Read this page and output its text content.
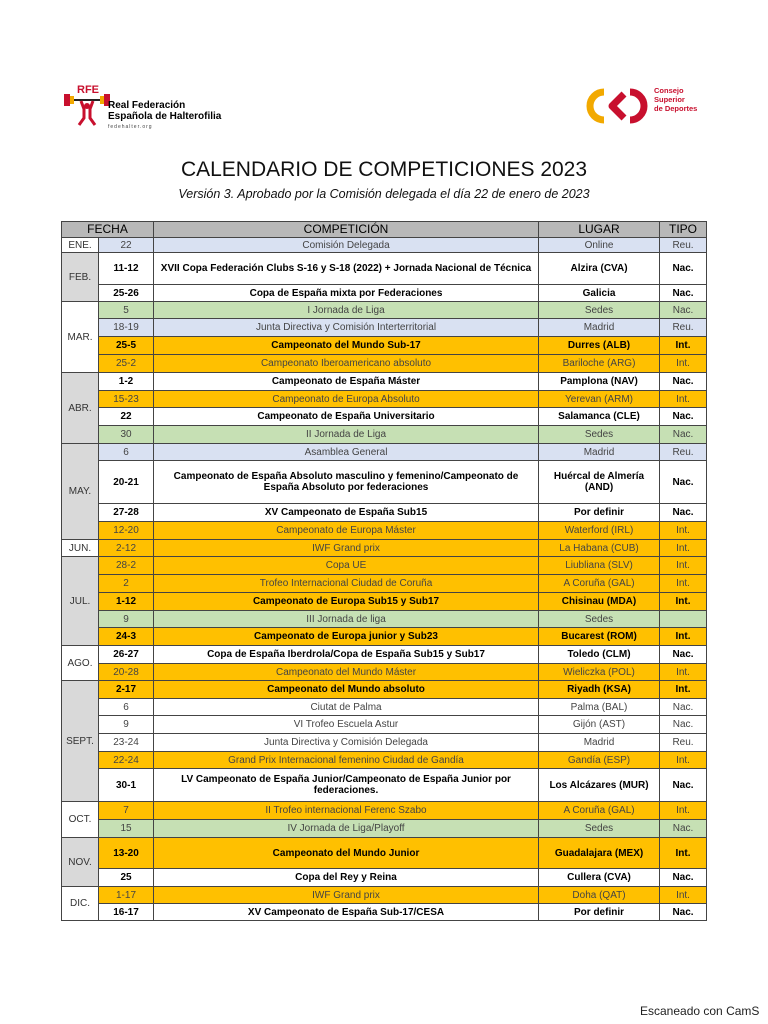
RFE
Real Federación
Española de Halterofilia
fedehalter.org
Consejo
Superior
de Deportes
CALENDARIO DE COMPETICIONES 2023
Versión 3. Aprobado por la Comisión delegada el día 22 de enero de 2023
FECHA		COMPETICIÓN	LUGAR	TIPO
ENE.	22	Comisión Delegada	Online	Reu.
FEB.	11-12	XVII Copa Federación Clubs S-16 y S-18 (2022) + Jornada Nacional de Técnica	Alzira (CVA)	Nac.
	25-26	Copa de España mixta por Federaciones	Galicia	Nac.
MAR.	5	I Jornada de Liga	Sedes	Nac.
	18-19	Junta Directiva y Comisión Interterritorial	Madrid	Reu.
	25-5	Campeonato del Mundo Sub-17	Durres (ALB)	Int.
	25-2	Campeonato Iberoamericano absoluto	Bariloche (ARG)	Int.
ABR.	1-2	Campeonato de España Máster	Pamplona (NAV)	Nac.
	15-23	Campeonato de Europa Absoluto	Yerevan (ARM)	Int.
	22	Campeonato de España Universitario	Salamanca (CLE)	Nac.
	30	II Jornada de Liga	Sedes	Nac.
MAY.	6	Asamblea General	Madrid	Reu.
	20-21	Campeonato de España Absoluto masculino y femenino/Campeonato de España Absoluto por federaciones	Huércal de Almería (AND)	Nac.
	27-28	XV Campeonato de España Sub15	Por definir	Nac.
	12-20	Campeonato de Europa Máster	Waterford (IRL)	Int.
JUN.	2-12	IWF Grand prix	La Habana (CUB)	Int.
JUL.	28-2	Copa UE	Liubliana (SLV)	Int.
	2	Trofeo Internacional Ciudad de Coruña	A Coruña (GAL)	Int.
	1-12	Campeonato de Europa Sub15 y Sub17	Chisinau (MDA)	Int.
	9	III Jornada de liga	Sedes	
	24-3	Campeonato de Europa junior y Sub23	Bucarest (ROM)	Int.
AGO.	26-27	Copa de España Iberdrola/Copa de España Sub15 y Sub17	Toledo (CLM)	Nac.
	20-28	Campeonato del Mundo Máster	Wieliczka (POL)	Int.
SEPT.	2-17	Campeonato del Mundo absoluto	Riyadh (KSA)	Int.
	6	Ciutat de Palma	Palma (BAL)	Nac.
	9	VI Trofeo Escuela Astur	Gijón (AST)	Nac.
	23-24	Junta Directiva y Comisión Delegada	Madrid	Reu.
	22-24	Grand Prix Internacional femenino Ciudad de Gandía	Gandía (ESP)	Int.
	30-1	LV Campeonato de España Junior/Campeonato de España Junior por federaciones.	Los Alcázares (MUR)	Nac.
OCT.	7	II Trofeo internacional Ferenc Szabo	A Coruña (GAL)	Int.
	15	IV Jornada de Liga/Playoff	Sedes	Nac.
NOV.	13-20	Campeonato del Mundo Junior	Guadalajara (MEX)	Int.
	25	Copa del Rey y Reina	Cullera (CVA)	Nac.
DIC.	1-17	IWF Grand prix	Doha (QAT)	Int.
	16-17	XV Campeonato de España Sub-17/CESA	Por definir	Nac.
Escaneado con CamS
